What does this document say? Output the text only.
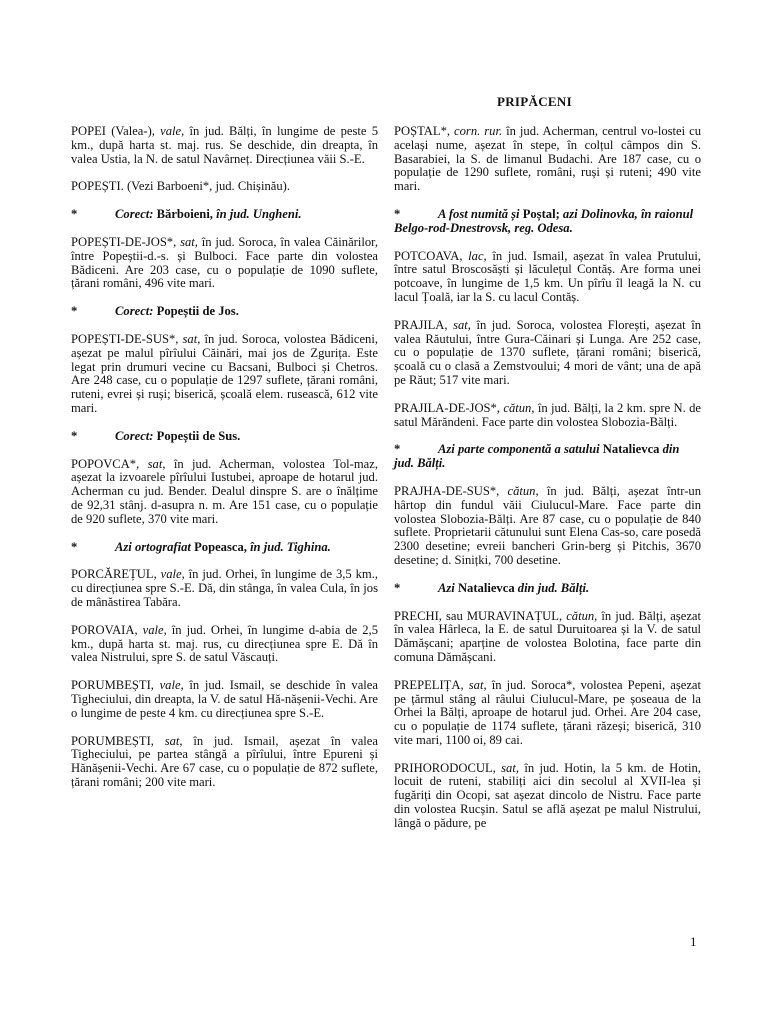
PRIPĂCENI

POPEI (Valea-), vale, în jud. Bălți, în lungime de peste 5 km., după harta st. maj. rus. Se deschide, din dreapta, în valea Ustia, la N. de satul Navârneț. Direcțiunea văii S.-E.

POPEȘTI. (Vezi Barboeni*, jud. Chișinău).

*	Corect: Bărboieni, în jud. Ungheni.

POPEȘTI-DE-JOS*, sat, în jud. Soroca, în valea Căinărilor, între Popeștii-d.-s. și Bulboci. Face parte din volostea Bădiceni. Are 203 case, cu o populație de 1090 suflete, țărani români, 496 vite mari.

*	Corect: Popeștii de Jos.

POPEȘTI-DE-SUS*, sat, în jud. Soroca, volostea Bădiceni, așezat pe malul pîrîului Căinări, mai jos de Zgurița. Este legat prin drumuri vecine cu Bacsani, Bulboci și Chetros. Are 248 case, cu o populație de 1297 suflete, țărani români, ruteni, evrei și ruși; biserică, școală elem. rusească, 612 vite mari.

*	Corect: Popeștii de Sus.

POPOVCA*, sat, în jud. Acherman, volostea Tol-maz, așezat la izvoarele pîrîului Iustubei, aproape de hotarul jud. Acherman cu jud. Bender. Dealul dinspre S. are o înălțime de 92,31 stânj. d-asupra n. m. Are 151 case, cu o populație de 920 suflete, 370 vite mari.

*	Azi ortografiat Popeasca, în jud. Tighina.

PORCĂREȚUL, vale, în jud. Orhei, în lungime de 3,5 km., cu direcțiunea spre S.-E. Dă, din stânga, în valea Cula, în jos de mânăstirea Tabăra.

POROVAIA, vale, în jud. Orhei, în lungime d-abia de 2,5 km., după harta st. maj. rus, cu direcțiunea spre E. Dă în valea Nistrului, spre S. de satul Văscauți.

PORUMBEȘTI, vale, în jud. Ismail, se deschide în valea Tigheciului, din dreapta, la V. de satul Hă-nășenii-Vechi. Are o lungime de peste 4 km. cu direcțiunea spre S.-E.

PORUMBEȘTI, sat, în jud. Ismail, așezat în valea Tigheciului, pe partea stângă a pîrîului, între Epureni și Hănășenii-Vechi. Are 67 case, cu o populație de 872 suflete, țărani români; 200 vite mari.

POȘTAL*, corn. rur. în jud. Acherman, centrul vo-lostei cu același nume, așezat în stepe, în colțul câmpos din S. Basarabiei, la S. de limanul Budachi. Are 187 case, cu o populație de 1290 suflete, români, ruși și ruteni; 490 vite mari.

*	A fost numită și Poștal; azi Dolinovka, în raionul Belgo-rod-Dnestrovsk, reg. Odesa.

POTCOAVA, lac, în jud. Ismail, așezat în valea Prutului, între satul Broscosăști și lăculețul Contăș. Are forma unei potcoave, în lungime de 1,5 km. Un pîrîu îl leagă la N. cu lacul Țoală, iar la S. cu lacul Contăș.

PRAJILA, sat, în jud. Soroca, volostea Florești, așezat în valea Răutului, între Gura-Căinari și Lunga. Are 252 case, cu o populație de 1370 suflete, țărani români; biserică, școală cu o clasă a Zemstvoului; 4 mori de vânt; una de apă pe Răut; 517 vite mari.

PRAJILA-DE-JOS*, cătun, în jud. Bălți, la 2 km. spre N. de satul Mărăndeni. Face parte din volostea Slobozia-Bălți.

*	Azi parte componentă a satului Natalievca din jud. Bălți.

PRAJHA-DE-SUS*, cătun, în jud. Bălți, așezat într-un hârtop din fundul văii Ciulucul-Mare. Face parte din volostea Slobozia-Bălți. Are 87 case, cu o populație de 840 suflete. Proprietarii cătunului sunt Elena Cas-so, care posedă 2300 desetine; evreii bancheri Grin-berg și Pitchis, 3670 desetine; d. Sinițki, 700 desetine.

*	Azi Natalievca din jud. Bălți.

PRECHI, sau MURAVINAȚUL, cătun, în jud. Bălți, așezat în valea Hârleca, la E. de satul Duruitoarea și la V. de satul Dămășcani; aparține de volostea Bolotina, face parte din comuna Dămășcani.

PREPELIȚA, sat, în jud. Soroca*, volostea Pepeni, așezat pe țărmul stâng al râului Ciulucul-Mare, pe șoseaua de la Orhei la Bălți, aproape de hotarul jud. Orhei. Are 204 case, cu o populație de 1174 suflete, țărani răzeși; biserică, 310 vite mari, 1100 oi, 89 cai.

PRIHORODOCUL, sat, în jud. Hotin, la 5 km. de Hotin, locuit de ruteni, stabiliți aici din secolul al XVII-lea și fugăriți din Ocopi, sat așezat dincolo de Nistru. Face parte din volostea Rucșin. Satul se află așezat pe malul Nistrului, lângă o pădure, pe

1
